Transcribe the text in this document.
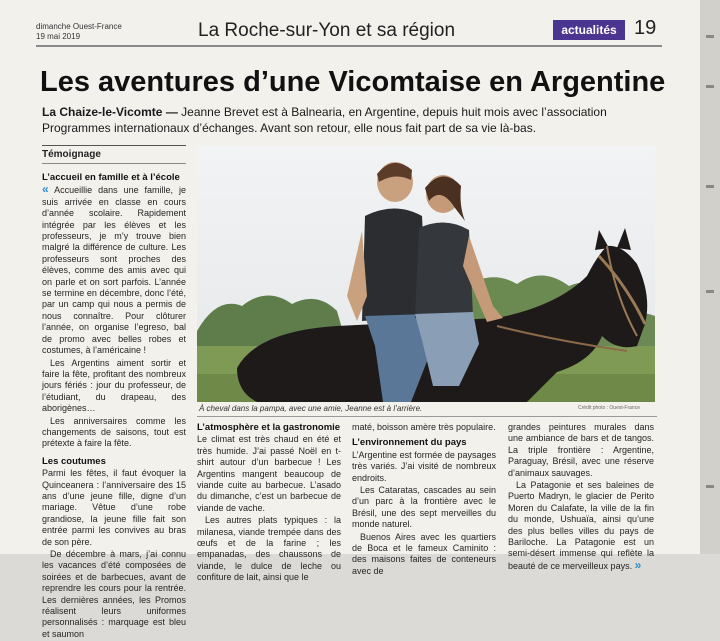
dimanche Ouest-France
19 mai 2019	La Roche-sur-Yon et sa région	actualités 19
Les aventures d’une Vicomtaise en Argentine
La Chaize-le-Vicomte — Jeanne Brevet est à Balnearia, en Argentine, depuis huit mois avec l’association Programmes internationaux d’échanges. Avant son retour, elle nous fait part de sa vie là-bas.
Témoignage
L’accueil en famille et à l’école

« Accueillie dans une famille, je suis arrivée en classe en cours d’année scolaire. Rapidement intégrée par les élèves et les professeurs, je m’y trouve bien malgré la différence de culture. Les professeurs sont proches des élèves, comme des amis avec qui on parle et on sort parfois. L’année se termine en décembre, donc l’été, par un camp qui nous a permis de nous connaître. Pour clôturer l’année, on organise l’egreso, bal de promo avec belles robes et costumes, à l’américaine !

Les Argentins aiment sortir et faire la fête, profitant des nombreux jours fériés : jour du professeur, de l’étudiant, du drapeau, des aborigènes…

Les anniversaires comme les changements de saisons, tout est prétexte à faire la fête.

Les coutumes

Parmi les fêtes, il faut évoquer la Quinceanera : l’anniversaire des 15 ans d’une jeune fille, digne d’un mariage. Vêtue d’une robe grandiose, la jeune fille fait son entrée parmi les convives au bras de son père.

De décembre à mars, j’ai connu les vacances d’été composées de soirées et de barbecues, avant de reprendre les cours pour la rentrée. Les dernières années, les Promos réalisent leurs uniformes personnalisés : marquage est bleu et saumon

À cheval dans la pampa, avec une amie, Jeanne est à l’arrière.	Crédit photo : Ouest-France
L’atmosphère et la gastronomie

Le climat est très chaud en été et très humide. J’ai passé Noël en t-shirt autour d’un barbecue ! Les Argentins mangent beaucoup de viande cuite au barbecue. L’asado du dimanche, c’est un barbecue de viande de vache.

Les autres plats typiques : la milanesa, viande trempée dans des œufs et de la farine ; les empanadas, des chaussons de viande, le dulce de leche ou confiture de lait, ainsi que le

maté, boisson amère très populaire.

L’environnement du pays

L’Argentine est formée de paysages très variés. J’ai visité de nombreux endroits.

Les Cataratas, cascades au sein d’un parc à la frontière avec le Brésil, une des sept merveilles du monde naturel.

Buenos Aires avec les quartiers de Boca et le fameux Caminito : des maisons faites de conteneurs avec de

grandes peintures murales dans une ambiance de bars et de tangos. La triple frontière : Argentine, Paraguay, Brésil, avec une réserve d’animaux sauvages.

La Patagonie et ses baleines de Puerto Madryn, le glacier de Perito Moren du Calafate, la ville de la fin du monde, Ushuaïa, ainsi qu’une des plus belles villes du pays de Bariloche. La Patagonie est un semi-désert immense qui reflète la beauté de ce merveilleux pays. »
